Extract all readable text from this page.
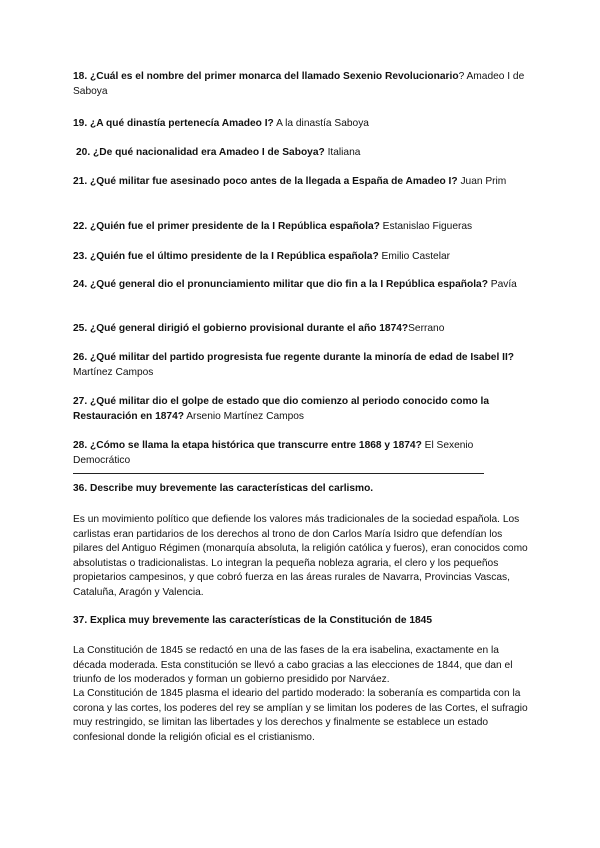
18. ¿Cuál es el nombre del primer monarca del llamado Sexenio Revolucionario? Amadeo I de Saboya

19. ¿A qué dinastía pertenecía Amadeo I? A la dinastía Saboya

20. ¿De qué nacionalidad era Amadeo I de Saboya? Italiana

21. ¿Qué militar fue asesinado poco antes de la llegada a España de Amadeo I? Juan Prim

22. ¿Quién fue el primer presidente de la I República española? Estanislao Figueras

23. ¿Quién fue el último presidente de la I República española? Emilio Castelar

24. ¿Qué general dio el pronunciamiento militar que dio fin a la I República española? Pavía

25. ¿Qué general dirigió el gobierno provisional durante el año 1874?Serrano

26. ¿Qué militar del partido progresista fue regente durante la minoría de edad de Isabel II? Martínez Campos

27. ¿Qué militar dio el golpe de estado que dio comienzo al periodo conocido como la Restauración en 1874? Arsenio Martínez Campos

28. ¿Cómo se llama la etapa histórica que transcurre entre 1868 y 1874? El Sexenio Democrático

36. Describe muy brevemente las características del carlismo.
Es un movimiento político que defiende los valores más tradicionales de la sociedad española. Los carlistas eran partidarios de los derechos al trono de don Carlos María Isidro que defendían los pilares del Antiguo Régimen (monarquía absoluta, la religión católica y fueros), eran conocidos como absolutistas o tradicionalistas. Lo integran la pequeña nobleza agraria, el clero y los pequeños propietarios campesinos, y que cobró fuerza en las áreas rurales de Navarra, Provincias Vascas, Cataluña, Aragón y Valencia.
37. Explica muy brevemente las características de la Constitución de 1845
La Constitución de 1845 se redactó en una de las fases de la era isabelina, exactamente en la década moderada. Esta constitución se llevó a cabo gracias a las elecciones de 1844, que dan el triunfo de los moderados y forman un gobierno presidido por Narváez.
La Constitución de 1845 plasma el ideario del partido moderado: la soberanía es compartida con la corona y las cortes, los poderes del rey se amplían y se limitan los poderes de las Cortes, el sufragio muy restringido, se limitan las libertades y los derechos y finalmente se establece un estado confesional donde la religión oficial es el cristianismo.
